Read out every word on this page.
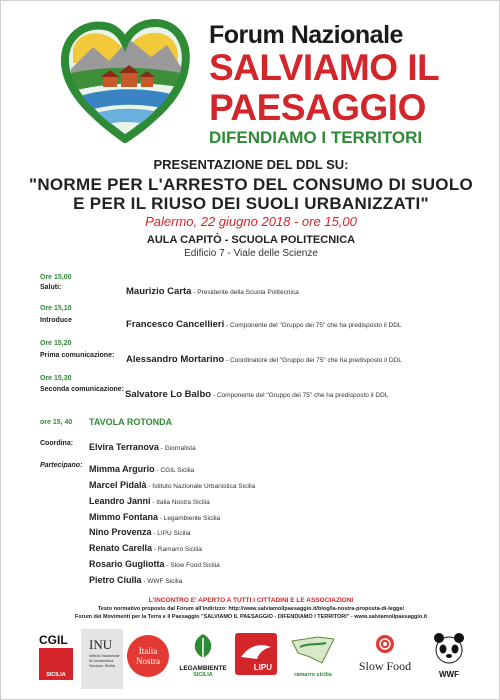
Forum Nazionale
SALVIAMO IL
PAESAGGIO
DIFENDIAMO I TERRITORI
PRESENTAZIONE DEL DDL SU:
"NORME PER L'ARRESTO DEL CONSUMO DI SUOLO
E PER IL RIUSO DEI SUOLI URBANIZZATI"
Palermo, 22 giugno 2018 - ore 15,00
AULA CAPITÒ - SCUOLA POLITECNICA
Edificio 7 - Viale delle Scienze
Ore 15,00
Saluti:	Maurizio Carta - Presidente della Scuola Politecnica
Ore 15,10
Introduce	Francesco Cancellieri - Componente del "Gruppo dei 75" che ha predisposto il DDL
Ore 15,20
Prima comunicazione: Alessandro Mortarino - Coordinatore del "Gruppo dei 75" che ha predisposto il DDL
Ore 15,30
Seconda comunicazione: Salvatore Lo Balbo - Componente del "Gruppo dei 75" che ha predisposto il DDL
ore 15, 40 TAVOLA ROTONDA
Coordina: Elvira Terranova - Giornalista
Partecipano: Mimma Argurio - CGIL Sicilia
Marcel Pidalà - Istituto Nazionale Urbanistica Sicilia
Leandro Janni - Italia Nostra Sicilia
Mimmo Fontana - Legambiente Sicilia
Nino Provenza - LIPU Sicilia
Renato Carella - Ramarro Sicilia
Rosario Gugliotta - Slow Food Sicilia
Pietro Ciulla - WWF Sicilia
L'INCONTRO E' APERTO A TUTTI I CITTADINI E LE ASSOCIAZIONI
Testo normativo proposto dal Forum all'indirizzo: http://www.salviamoilpaesaggio.it/blog/la-nostra-proposta-di-legge/
Forum dei Movimenti per la Terra e il Paesaggio "SALVIAMO IL PAESAGGIO - DIFENDIAMO I TERRITORI" - www.salviamoilpaesaggio.it
CGIL
SICILIA
INU
Istituto Nazionale
di Urbanistica
Sezione Sicilia
Italia
Nostra
LEGAMBIENTE
SICILIA
LIPU
ramarro sicilia
Slow Food
WWF
